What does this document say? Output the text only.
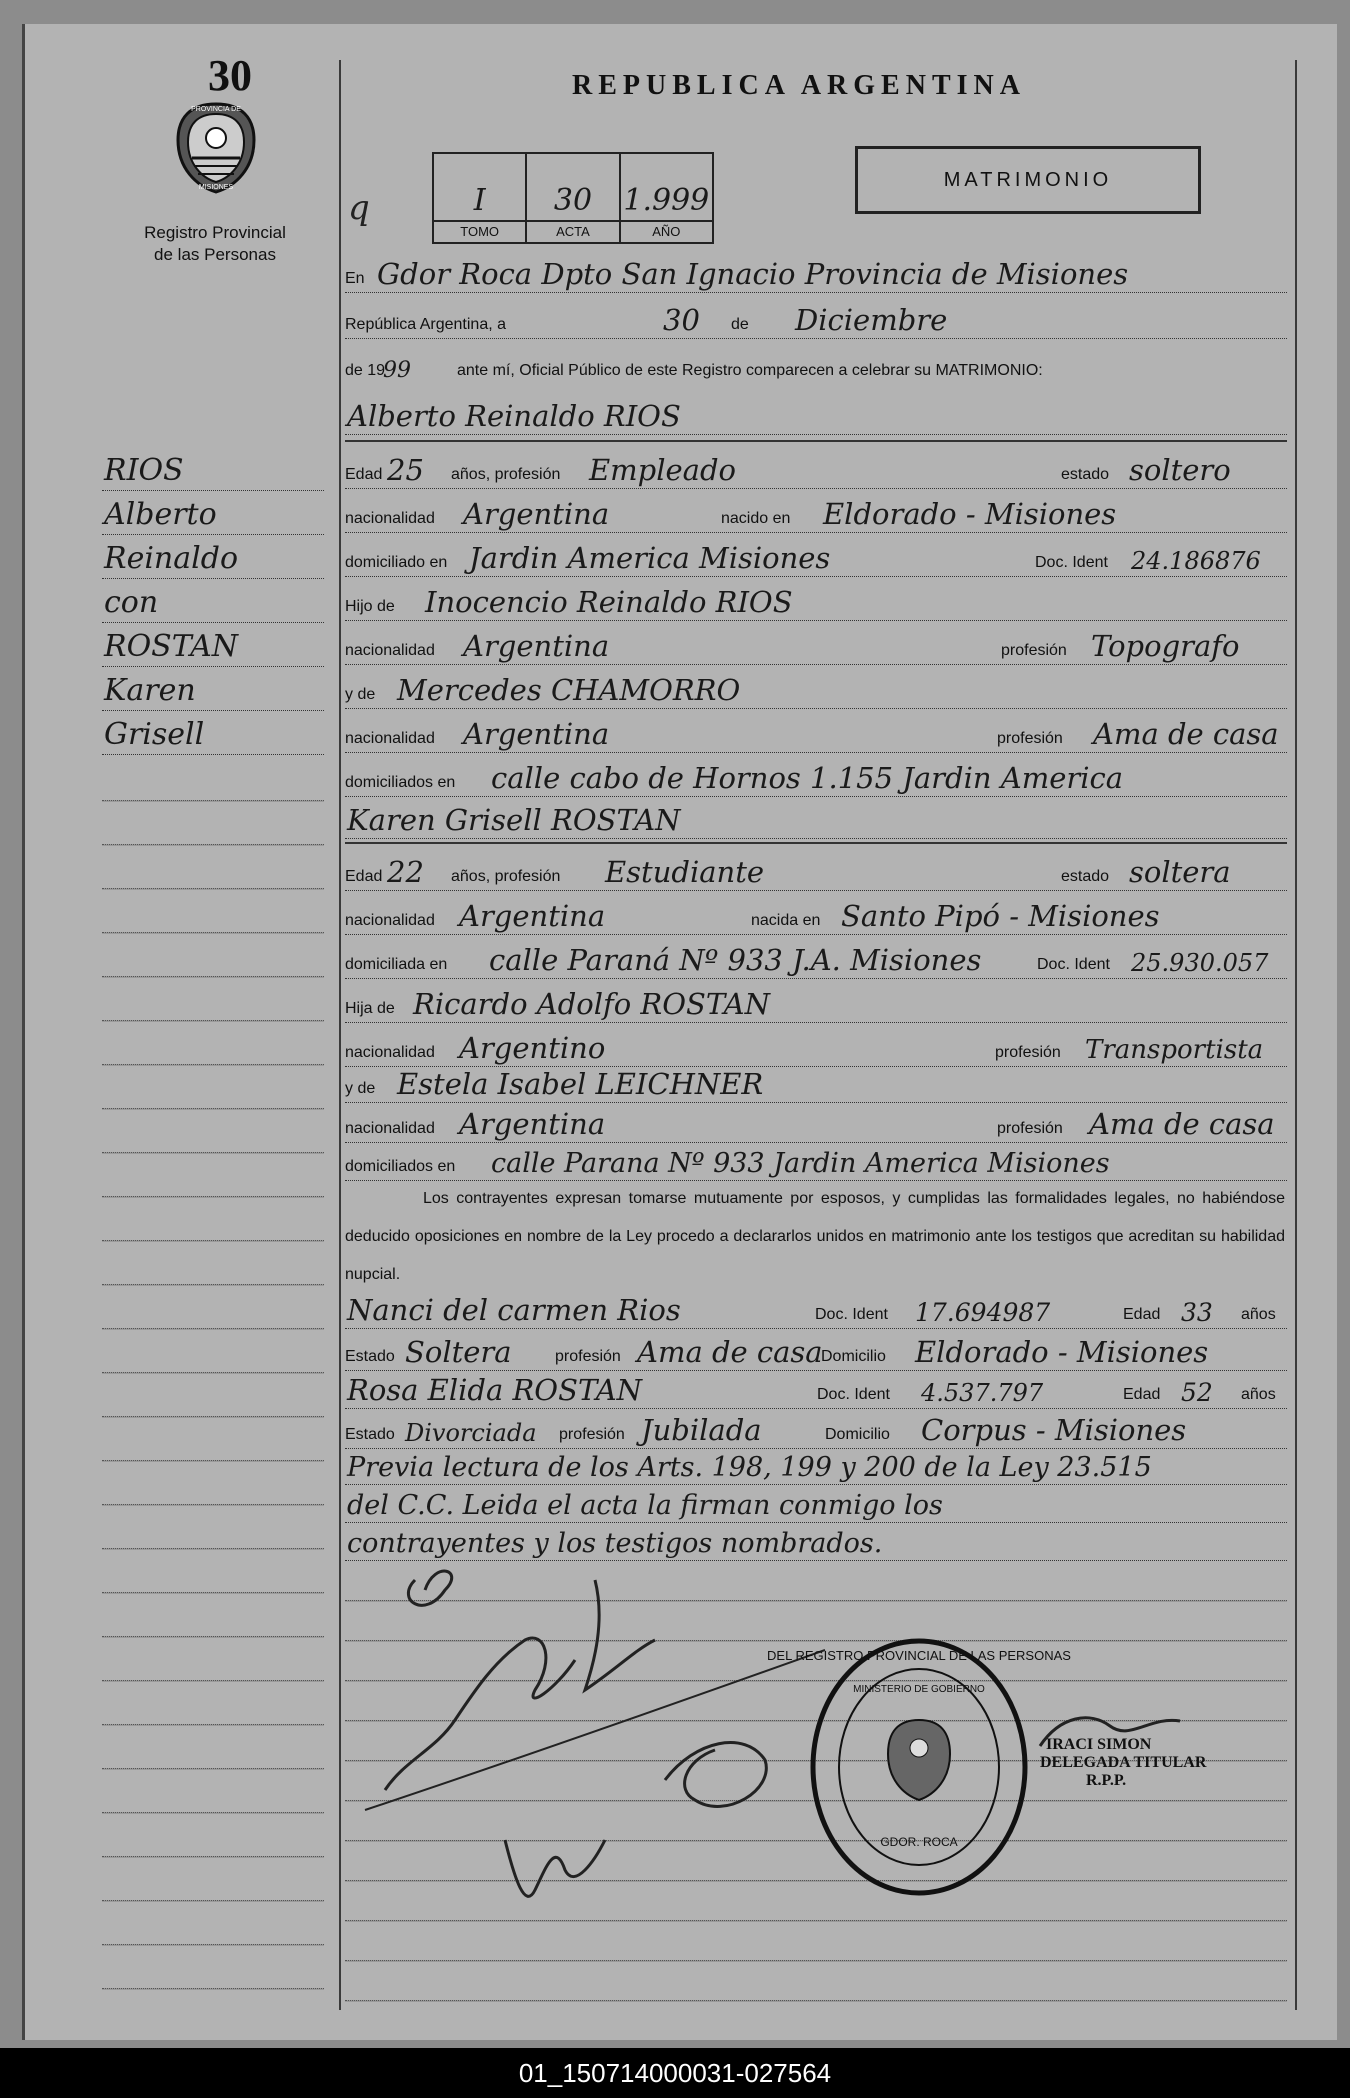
30
PROVINCIA DE
MISIONES
Registro Provincial
de las Personas
REPUBLICA ARGENTINA
q	I
TOMO
30
ACTA
1.999
AÑO
MATRIMONIO
En Gdor Roca Dpto San Ignacio Provincia de Misiones
República Argentina, a	30 de Diciembre
de 19
99	ante mí, Oficial Público de este Registro comparecen a celebrar su MATRIMONIO:
Alberto Reinaldo RIOS
RIOS
Alberto
Reinaldo
con
ROSTAN
Karen
Grisell
Edad 25 años, profesión Empleado	estado soltero
nacionalidad Argentina	nacido en Eldorado - Misiones
domiciliado en Jardin America Misiones	Doc. Ident 24.186876
Hijo de Inocencio Reinaldo RIOS
nacionalidad Argentina	profesión Topografo
y de Mercedes CHAMORRO
nacionalidad Argentina	profesión Ama de casa
domiciliados en calle cabo de Hornos 1.155 Jardin America
Karen Grisell ROSTAN
Edad 22 años, profesión Estudiante	estado soltera
nacionalidad Argentina	nacida en Santo Pipó - Misiones
domiciliada en calle Paraná Nº 933 J.A. Misiones	Doc. Ident 25.930.057
Hija de Ricardo Adolfo ROSTAN
nacionalidad Argentino	profesión Transportista
y de Estela Isabel LEICHNER
nacionalidad Argentina	profesión Ama de casa
domiciliados en calle Parana Nº 933 Jardin America Misiones
Los contrayentes expresan tomarse mutuamente por esposos, y cumplidas las formalidades legales, no habiéndose deducido oposiciones en nombre de la Ley procedo a declararlos unidos en matrimonio ante los testigos que acreditan su habilidad nupcial.
Nanci del carmen Rios	Doc. Ident 17.694987	Edad 33 años
Estado Soltera	profesión Ama de casa
Domicilio Eldorado - Misiones
Rosa Elida ROSTAN	Doc. Ident 4.537.797	Edad 52 años
Estado Divorciada profesión Jubilada	Domicilio Corpus - Misiones
Previa lectura de los Arts. 198, 199 y 200 de la Ley 23.515
del C.C. Leida el acta la firman conmigo los
contrayentes y los testigos nombrados.
DEL REGISTRO PROVINCIAL DE LAS PERSONAS
MINISTERIO DE GOBIERNO
GDOR. ROCA
IRACI SIMON
DELEGADA TITULAR
R.P.P.
01_150714000031-027564
